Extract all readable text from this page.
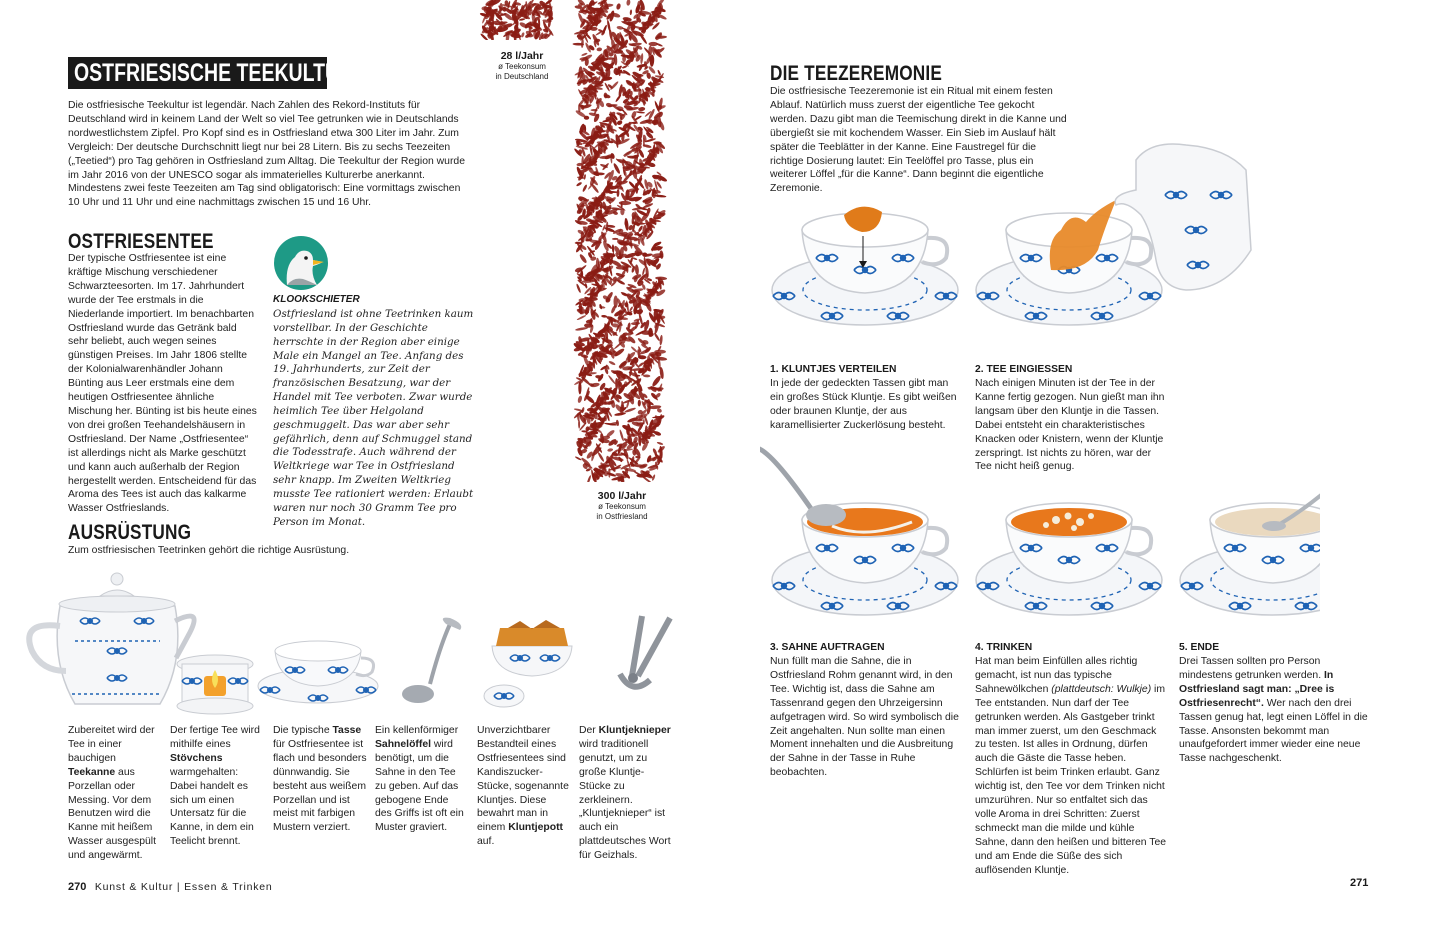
OSTFRIESISCHE TEEKULTUR

Die ostfriesische Teekultur ist legendär. Nach Zahlen des Rekord-Instituts für Deutschland wird in keinem Land der Welt so viel Tee getrunken wie in Deutschlands nordwestlichstem Zipfel. Pro Kopf sind es in Ostfriesland etwa 300 Liter im Jahr. Zum Vergleich: Der deutsche Durchschnitt liegt nur bei 28 Litern. Bis zu sechs Teezeiten („Teetied“) pro Tag gehören in Ostfriesland zum Alltag. Die Teekultur der Region wurde im Jahr 2016 von der UNESCO sogar als immaterielles Kulturerbe anerkannt. Mindestens zwei feste Teezeiten am Tag sind obligatorisch: Eine vormittags zwischen 10 Uhr und 11 Uhr und eine nachmittags zwischen 15 und 16 Uhr.

OSTFRIESENTEE

Der typische Ostfriesentee ist eine kräftige Mischung verschiedener Schwarzteesorten. Im 17. Jahrhundert wurde der Tee erstmals in die Niederlande importiert. Im benachbarten Ostfriesland wurde das Getränk bald sehr beliebt, auch wegen seines günstigen Preises. Im Jahr 1806 stellte der Kolonialwarenhändler Johann Bünting aus Leer erstmals eine dem heutigen Ostfriesentee ähnliche Mischung her. Bünting ist bis heute eines von drei großen Teehandelshäusern in Ostfriesland. Der Name „Ostfriesentee“ ist allerdings nicht als Marke geschützt und kann auch außerhalb der Region hergestellt werden. Entscheidend für das Aroma des Tees ist auch das kalkarme Wasser Ostfrieslands.

KLOOKSCHIETER

Ostfriesland ist ohne Teetrinken kaum vorstellbar. In der Geschichte herrschte in der Region aber einige Male ein Mangel an Tee. Anfang des 19. Jahrhunderts, zur Zeit der französischen Besatzung, war der Handel mit Tee verboten. Zwar wurde heimlich Tee über Helgoland geschmuggelt. Das war aber sehr gefährlich, denn auf Schmuggel stand die Todesstrafe. Auch während der Weltkriege war Tee in Ostfriesland sehr knapp. Im Zweiten Weltkrieg musste Tee rationiert werden: Erlaubt waren nur noch 30 Gramm Tee pro Person im Monat.

28 l/Jahr
ø Teekonsum
in Deutschland
300 l/Jahr
ø Teekonsum
in Ostfriesland
AUSRÜSTUNG

Zum ostfriesischen Teetrinken gehört die richtige Ausrüstung.

Zubereitet wird der Tee in einer bauchigen Teekanne aus Porzellan oder Messing. Vor dem Benutzen wird die Kanne mit heißem Wasser ausgespült und angewärmt.
Der fertige Tee wird mithilfe eines Stövchens warmgehalten: Dabei handelt es sich um einen Untersatz für die Kanne, in dem ein Teelicht brennt.
Die typische Tasse für Ostfriesentee ist flach und besonders dünnwandig. Sie besteht aus weißem Porzellan und ist meist mit farbigen Mustern verziert.
Ein kellenförmiger Sahnelöffel wird benötigt, um die Sahne in den Tee zu geben. Auf das gebogene Ende des Griffs ist oft ein Muster graviert.
Unverzichtbarer Bestandteil eines Ostfriesentees sind Kandiszucker-Stücke, sogenannte Kluntjes. Diese bewahrt man in einem Kluntjepott auf.
Der Kluntjeknieper wird traditionell genutzt, um zu große Kluntje-Stücke zu zerkleinern. „Kluntjeknieper“ ist auch ein plattdeutsches Wort für Geizhals.
270 Kunst & Kultur | Essen & Trinken
DIE TEEZEREMONIE

Die ostfriesische Teezeremonie ist ein Ritual mit einem festen Ablauf. Natürlich muss zuerst der eigentliche Tee gekocht werden. Dazu gibt man die Teemischung direkt in die Kanne und übergießt sie mit kochendem Wasser. Ein Sieb im Auslauf hält später die Teeblätter in der Kanne. Eine Faustregel für die richtige Dosierung lautet: Ein Teelöffel pro Tasse, plus ein weiterer Löffel „für die Kanne“. Dann beginnt die eigentliche Zeremonie.

1. KLUNTJES VERTEILEN

In jede der gedeckten Tassen gibt man ein großes Stück Kluntje. Es gibt weißen oder braunen Kluntje, der aus karamellisierter Zuckerlösung besteht.

2. TEE EINGIESSEN

Nach einigen Minuten ist der Tee in der Kanne fertig gezogen. Nun gießt man ihn langsam über den Kluntje in die Tassen. Dabei entsteht ein charakteristisches Knacken oder Knistern, wenn der Kluntje zerspringt. Ist nichts zu hören, war der Tee nicht heiß genug.

3. SAHNE AUFTRAGEN

Nun füllt man die Sahne, die in Ostfriesland Rohm genannt wird, in den Tee. Wichtig ist, dass die Sahne am Tassenrand gegen den Uhrzeigersinn aufgetragen wird. So wird symbolisch die Zeit angehalten. Nun sollte man einen Moment innehalten und die Ausbreitung der Sahne in der Tasse in Ruhe beobachten.

4. TRINKEN

Hat man beim Einfüllen alles richtig gemacht, ist nun das typische Sahnewölkchen (plattdeutsch: Wulkje) im Tee entstanden. Nun darf der Tee getrunken werden. Als Gastgeber trinkt man immer zuerst, um den Geschmack zu testen. Ist alles in Ordnung, dürfen auch die Gäste die Tasse heben. Schlürfen ist beim Trinken erlaubt. Ganz wichtig ist, den Tee vor dem Trinken nicht umzurühren. Nur so entfaltet sich das volle Aroma in drei Schritten: Zuerst schmeckt man die milde und kühle Sahne, dann den heißen und bitteren Tee und am Ende die Süße des sich auflösenden Kluntje.

5. ENDE

Drei Tassen sollten pro Person mindestens getrunken werden. In Ostfriesland sagt man: „Dree is Ostfriesenrecht“. Wer nach den drei Tassen genug hat, legt einen Löffel in die Tasse. Ansonsten bekommt man unaufgefordert immer wieder eine neue Tasse nachgeschenkt.

271
